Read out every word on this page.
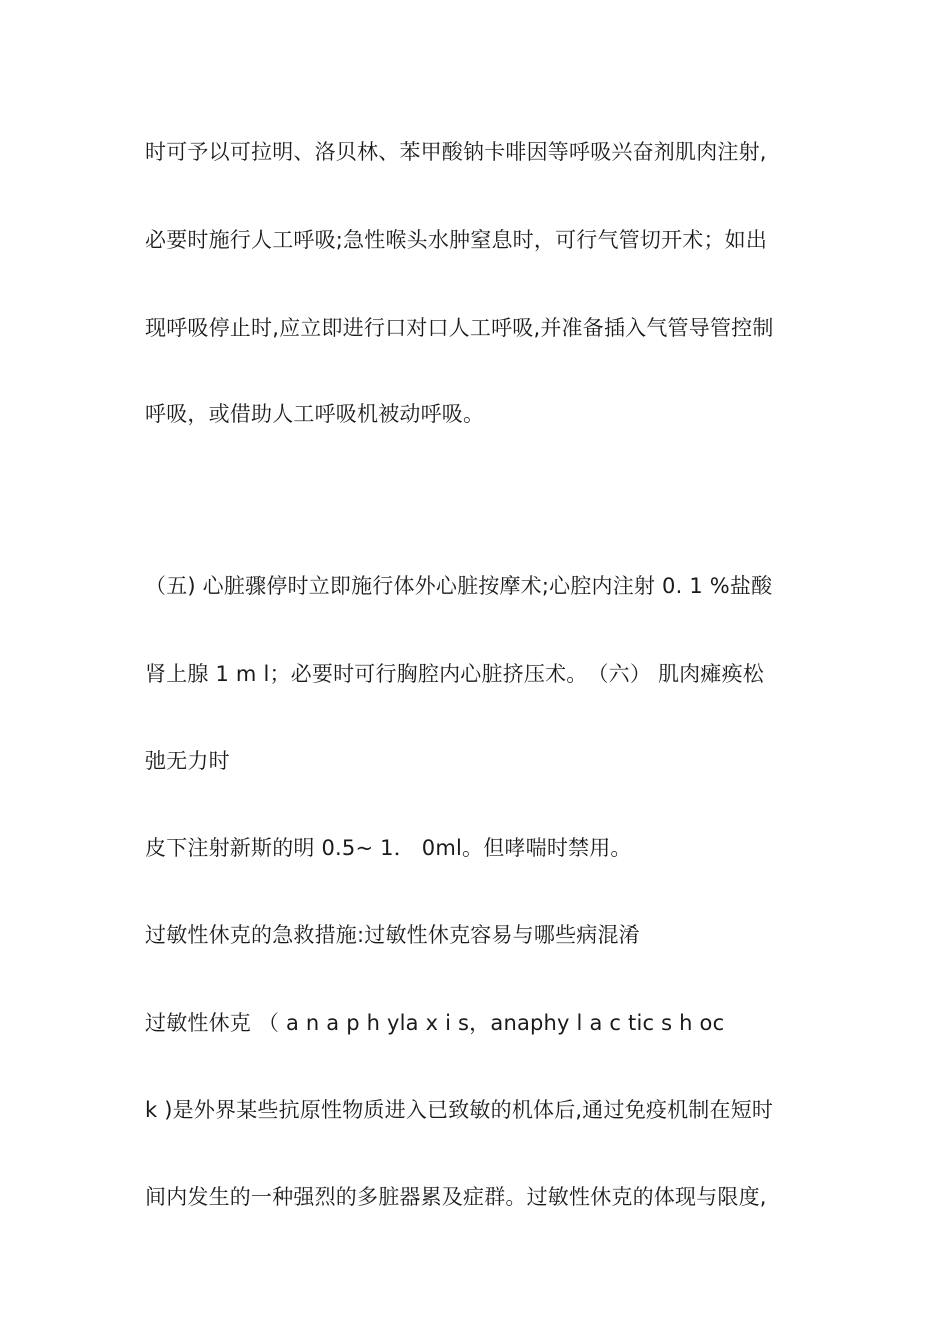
时﻿可予以可拉明、洛贝林、苯甲酸钠卡啡因等呼吸兴奋剂肌肉注射,
必要时施行人工呼吸;急性喉头水肿窒息时，可行气管切开术；如出
现呼吸停止时,应立即进行口对口人工呼吸,并准备插入气管导管控制
呼吸，或借助人工呼吸机被动呼吸。
（五) 心脏骤停时﻿立即施行体外心脏按摩术;心腔内注射 0. 1 %盐酸
肾上腺 1 m l；必要时可行胸腔内心脏挤压术。﻿﻿（六） 肌肉瘫痪松
弛无力时
皮下注射新斯的明 0.5~ 1． 0ml。但哮喘时禁用。
过敏性休克的急救措施:过敏性休克容易与哪些病混淆
过敏性休克 （ a n a p h yla x i s，anaphy l a c tic s h oc
k )是外界某些抗原性物质进入已致敏的机体后,通过免疫机制在短时
间内发生的一种强烈的多脏器累及症群。过敏性休克的体现与限度,
